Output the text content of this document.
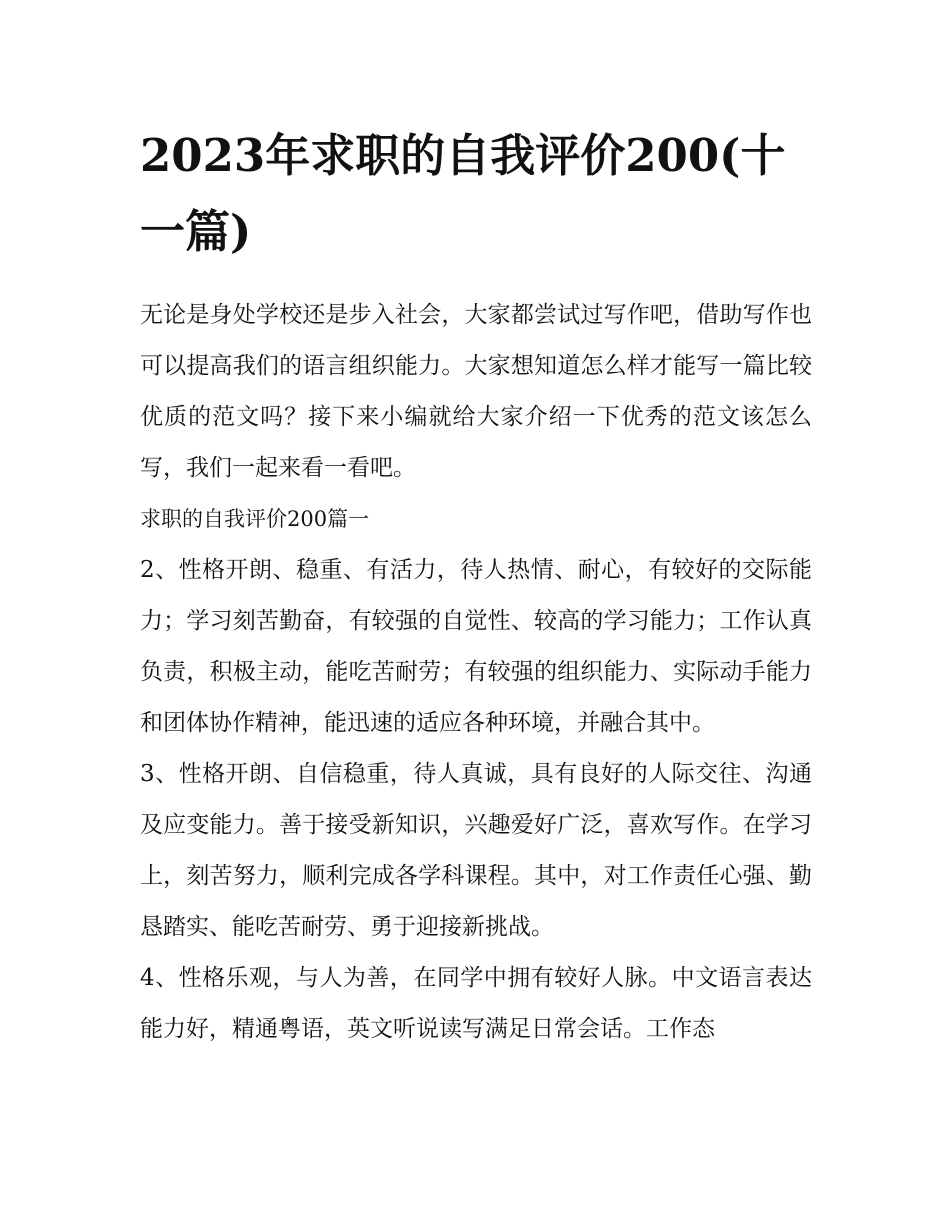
2023年求职的自我评价200(十一篇)

无论是身处学校还是步入社会，大家都尝试过写作吧，借助写作也可以提高我们的语言组织能力。大家想知道怎么样才能写一篇比较优质的范文吗？接下来小编就给大家介绍一下优秀的范文该怎么写，我们一起来看一看吧。

求职的自我评价200篇一

2、性格开朗、稳重、有活力，待人热情、耐心，有较好的交际能力；学习刻苦勤奋，有较强的自觉性、较高的学习能力；工作认真负责，积极主动，能吃苦耐劳；有较强的组织能力、实际动手能力和团体协作精神，能迅速的适应各种环境，并融合其中。

3、性格开朗、自信稳重，待人真诚，具有良好的人际交往、沟通及应变能力。善于接受新知识，兴趣爱好广泛，喜欢写作。在学习上，刻苦努力，顺利完成各学科课程。其中，对工作责任心强、勤恳踏实、能吃苦耐劳、勇于迎接新挑战。

4、性格乐观，与人为善，在同学中拥有较好人脉。中文语言表达能力好，精通粤语，英文听说读写满足日常会话。工作态
